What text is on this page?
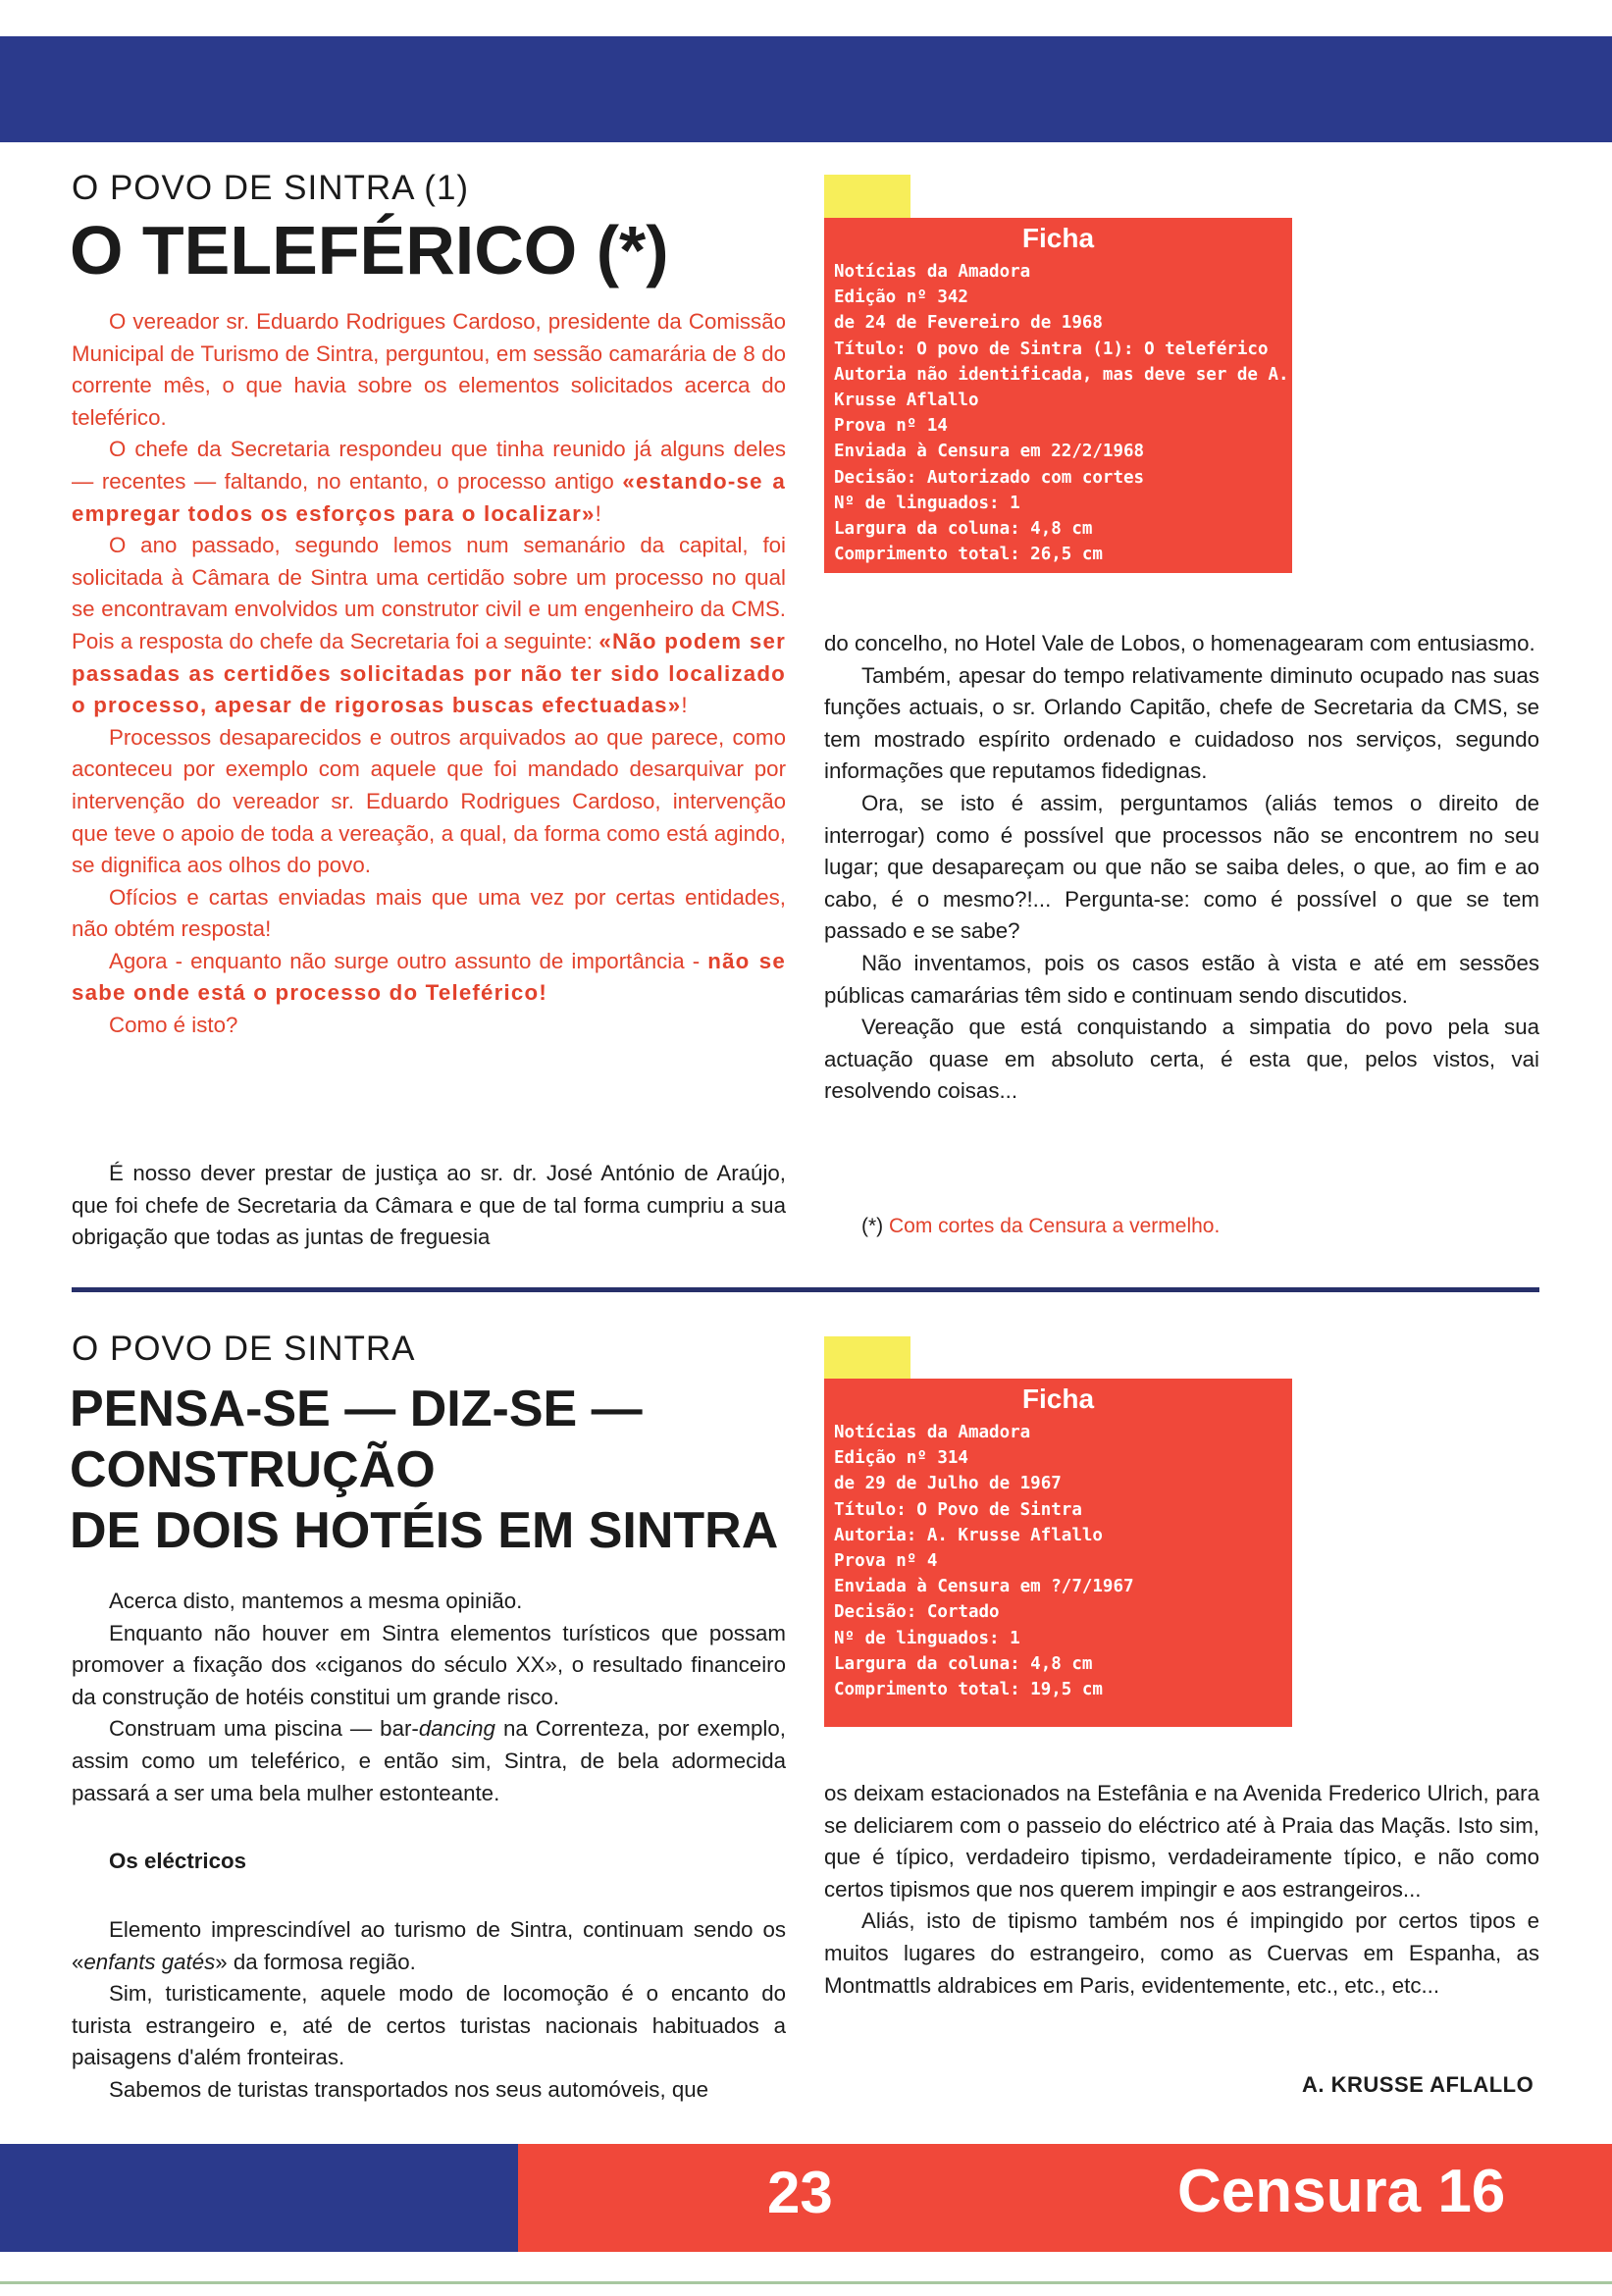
O POVO DE SINTRA (1)
O TELEFÉRICO (*)

O vereador sr. Eduardo Rodrigues Cardoso, presidente da Comissão Municipal de Turismo de Sintra, perguntou, em sessão camarária de 8 do corrente mês, o que havia sobre os elementos solicitados acerca do teleférico.

O chefe da Secretaria respondeu que tinha reunido já alguns deles — recentes — faltando, no entanto, o processo antigo «estando-se a empregar todos os esforços para o localizar»!

O ano passado, segundo lemos num semanário da capital, foi solicitada à Câmara de Sintra uma certidão sobre um processo no qual se encontravam envolvidos um construtor civil e um engenheiro da CMS. Pois a resposta do chefe da Secretaria foi a seguinte: «Não podem ser passadas as certidões solicitadas por não ter sido localizado o processo, apesar de rigorosas buscas efectuadas»!

Processos desaparecidos e outros arquivados ao que parece, como aconteceu por exemplo com aquele que foi mandado desarquivar por intervenção do vereador sr. Eduardo Rodrigues Cardoso, intervenção que teve o apoio de toda a vereação, a qual, da forma como está agindo, se dignifica aos olhos do povo.

Ofícios e cartas enviadas mais que uma vez por certas entidades, não obtém resposta!

Agora - enquanto não surge outro assunto de importância - não se sabe onde está o processo do Teleférico!

Como é isto?

É nosso dever prestar de justiça ao sr. dr. José António de Araújo, que foi chefe de Secretaria da Câmara e que de tal forma cumpriu a sua obrigação que todas as juntas de freguesia

Ficha
Notícias da Amadora
Edição nº 342
de 24 de Fevereiro de 1968
Título: O povo de Sintra (1): O teleférico
Autoria não identificada, mas deve ser de A.
Krusse Aflallo
Prova nº 14
Enviada à Censura em 22/2/1968
Decisão: Autorizado com cortes
Nº de linguados: 1
Largura da coluna: 4,8 cm
Comprimento total: 26,5 cm

do concelho, no Hotel Vale de Lobos, o homenagearam com entusiasmo.

Também, apesar do tempo relativamente diminuto ocupado nas suas funções actuais, o sr. Orlando Capitão, chefe de Secretaria da CMS, se tem mostrado espírito ordenado e cuidadoso nos serviços, segundo informações que reputamos fidedignas.

Ora, se isto é assim, perguntamos (aliás temos o direito de interrogar) como é possível que processos não se encontrem no seu lugar; que desapareçam ou que não se saiba deles, o que, ao fim e ao cabo, é o mesmo?!... Pergunta-se: como é possível o que se tem passado e se sabe?

Não inventamos, pois os casos estão à vista e até em sessões públicas camarárias têm sido e continuam sendo discutidos.

Vereação que está conquistando a simpatia do povo pela sua actuação quase em absoluto certa, é esta que, pelos vistos, vai resolvendo coisas...

(*) Com cortes da Censura a vermelho.
O POVO DE SINTRA
PENSA-SE — DIZ-SE —
CONSTRUÇÃO
DE DOIS HOTÉIS EM SINTRA

Acerca disto, mantemos a mesma opinião.

Enquanto não houver em Sintra elementos turísticos que possam promover a fixação dos «ciganos do século XX», o resultado financeiro da construção de hotéis constitui um grande risco.

Construam uma piscina — bar-dancing na Correnteza, por exemplo, assim como um teleférico, e então sim, Sintra, de bela adormecida passará a ser uma bela mulher estonteante.

Os eléctricos

Elemento imprescindível ao turismo de Sintra, continuam sendo os «enfants gatés» da formosa região.

Sim, turisticamente, aquele modo de locomoção é o encanto do turista estrangeiro e, até de certos turistas nacionais habituados a paisagens d'além fronteiras.

Sabemos de turistas transportados nos seus automóveis, que

Ficha
Notícias da Amadora
Edição nº 314
de 29 de Julho de 1967
Título: O Povo de Sintra
Autoria: A. Krusse Aflallo
Prova nº 4
Enviada à Censura em ?/7/1967
Decisão: Cortado
Nº de linguados: 1
Largura da coluna: 4,8 cm
Comprimento total: 19,5 cm

os deixam estacionados na Estefânia e na Avenida Frederico Ulrich, para se deliciarem com o passeio do eléctrico até à Praia das Maçãs. Isto sim, que é típico, verdadeiro tipismo, verdadeiramente típico, e não como certos tipismos que nos querem impingir e aos estrangeiros...

Aliás, isto de tipismo também nos é impingido por certos tipos e muitos lugares do estrangeiro, como as Cuervas em Espanha, as Montmattls aldrabices em Paris, evidentemente, etc., etc., etc...

A. KRUSSE AFLALLO
23	Censura 16
